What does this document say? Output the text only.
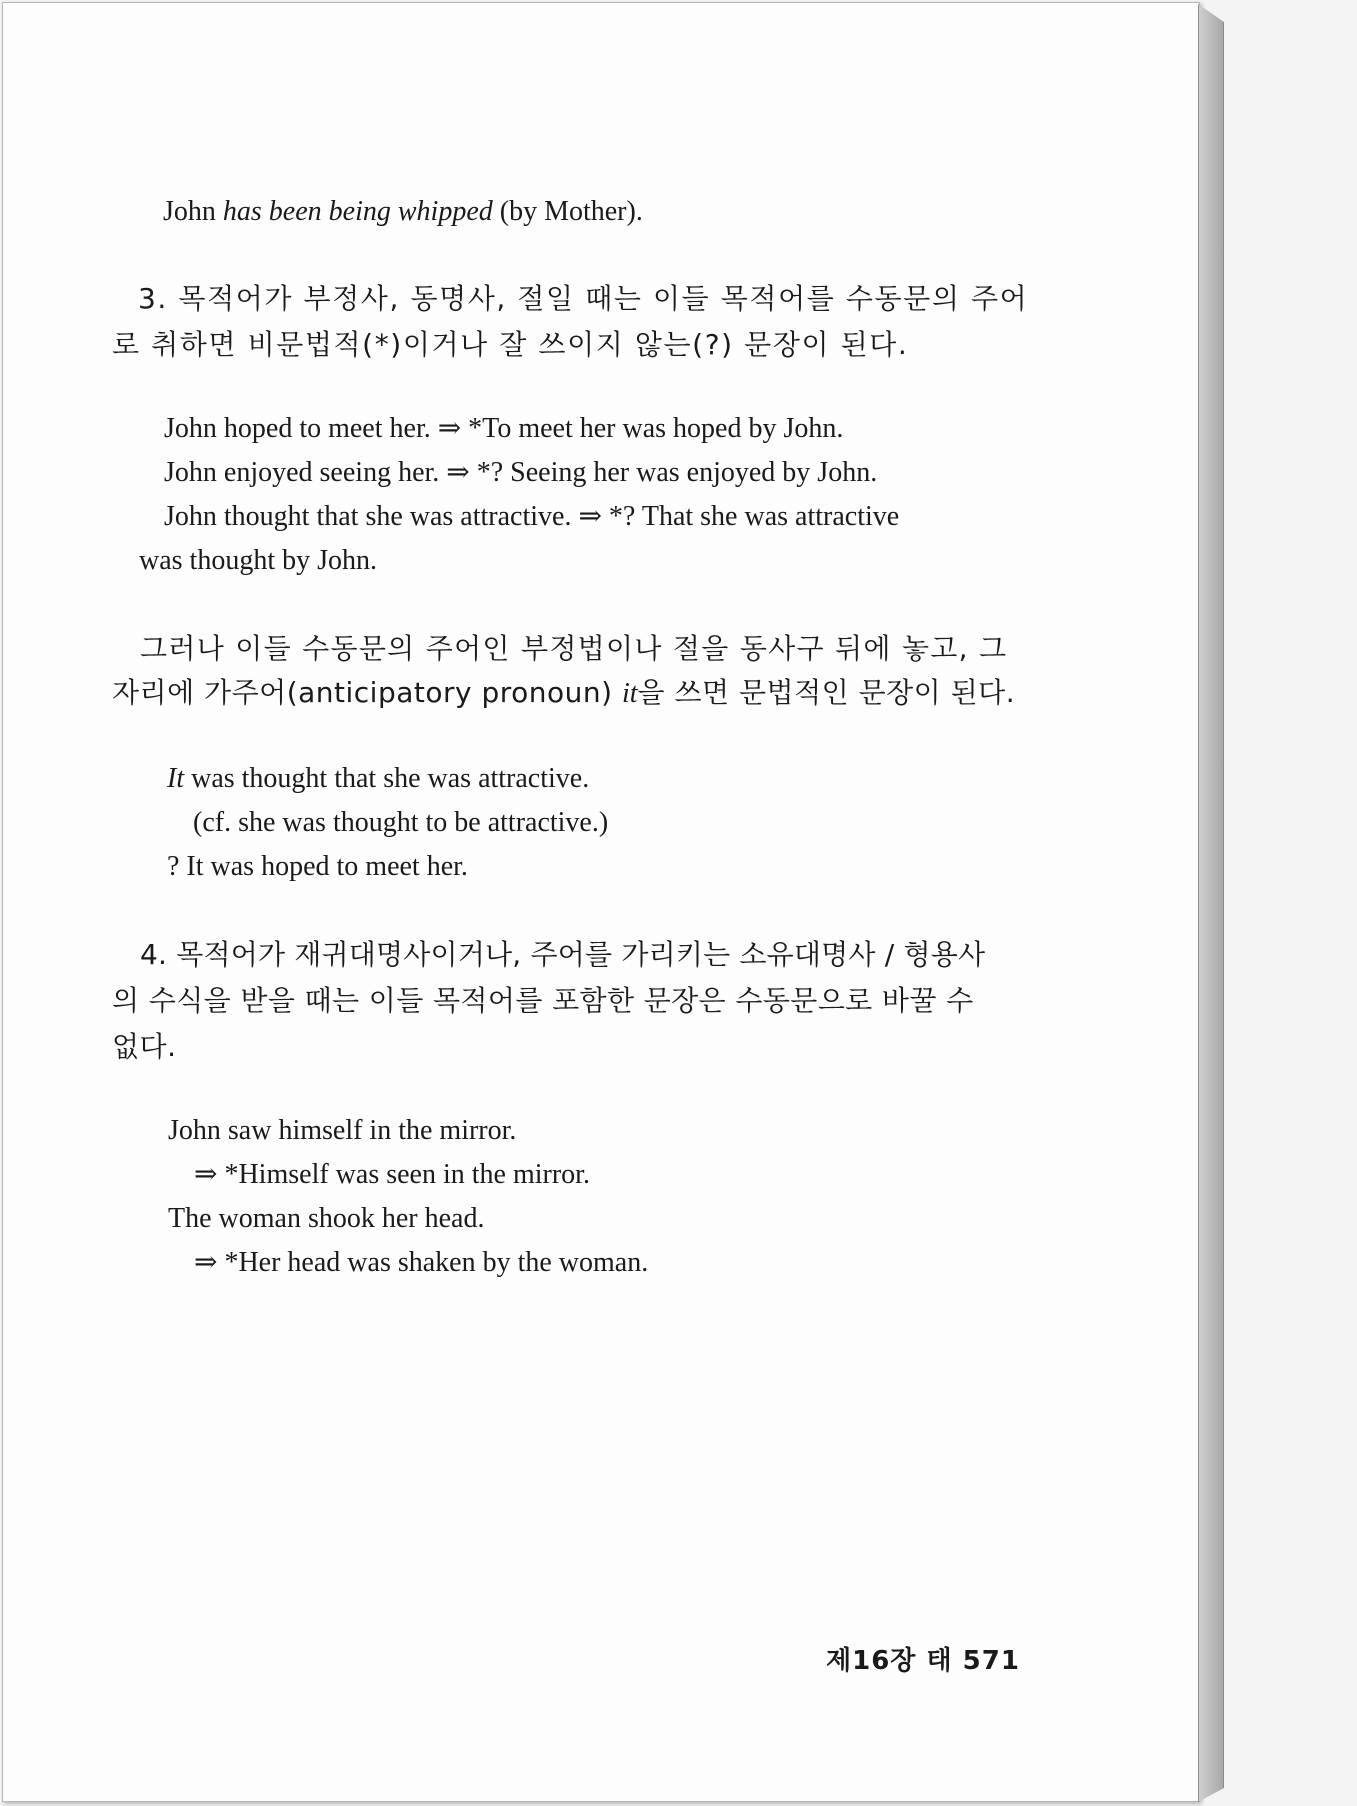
John has been being whipped (by Mother).
3. 목적어가 부정사, 동명사, 절일 때는 이들 목적어를 수동문의 주어
로 취하면 비문법적(*)이거나 잘 쓰이지 않는(?) 문장이 된다.
John hoped to meet her. ⇒ *To meet her was hoped by John.
John enjoyed seeing her. ⇒ *? Seeing her was enjoyed by John.
John thought that she was attractive. ⇒ *? That she was attractive
was thought by John.
그러나 이들 수동문의 주어인 부정법이나 절을 동사구 뒤에 놓고, 그
자리에 가주어(anticipatory pronoun) it을 쓰면 문법적인 문장이 된다.
It was thought that she was attractive.
(cf. she was thought to be attractive.)
? It was hoped to meet her.
4. 목적어가 재귀대명사이거나, 주어를 가리키는 소유대명사 / 형용사
의 수식을 받을 때는 이들 목적어를 포함한 문장은 수동문으로 바꿀 수
없다.
John saw himself in the mirror.
⇒ *Himself was seen in the mirror.
The woman shook her head.
⇒ *Her head was shaken by the woman.
제16장 태 571
